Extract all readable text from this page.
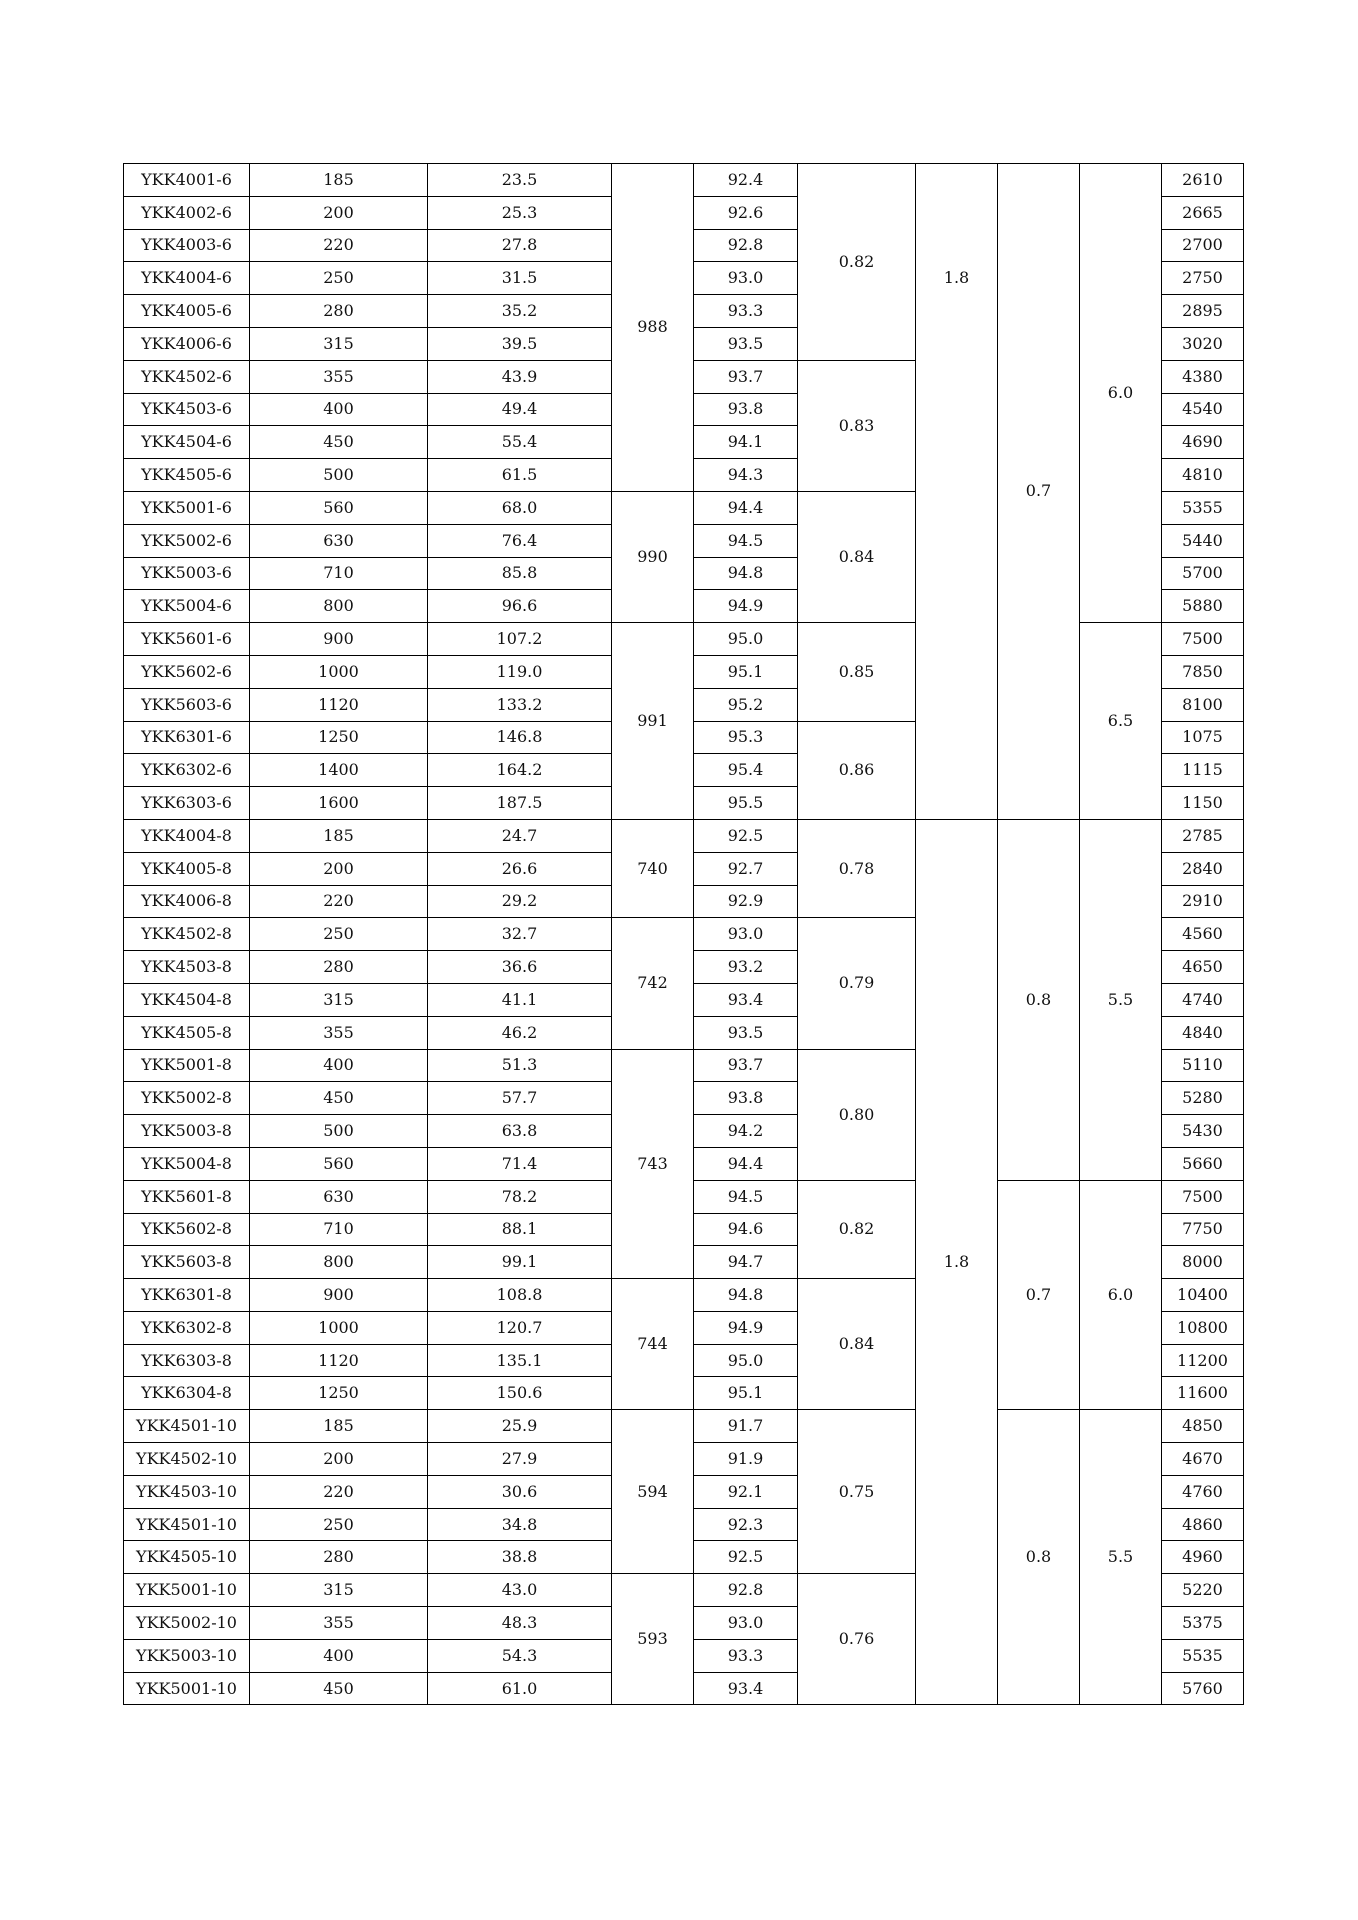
YKK4001-6	185	23.5	988	92.4	0.82	1.8	0.7	6.0	2610
YKK4002-6	200	25.3		92.6					2665
YKK4003-6	220	27.8		92.8					2700
YKK4004-6	250	31.5		93.0					2750
YKK4005-6	280	35.2		93.3					2895
YKK4006-6	315	39.5		93.5					3020
YKK4502-6	355	43.9		93.7	0.83				4380
YKK4503-6	400	49.4		93.8					4540
YKK4504-6	450	55.4		94.1					4690
YKK4505-6	500	61.5		94.3					4810
YKK5001-6	560	68.0	990	94.4	0.84				5355
YKK5002-6	630	76.4		94.5					5440
YKK5003-6	710	85.8		94.8					5700
YKK5004-6	800	96.6		94.9					5880
YKK5601-6	900	107.2	991	95.0	0.85			6.5	7500
YKK5602-6	1000	119.0		95.1					7850
YKK5603-6	1120	133.2		95.2					8100
YKK6301-6	1250	146.8		95.3	0.86				1075
YKK6302-6	1400	164.2		95.4					1115
YKK6303-6	1600	187.5		95.5					1150
YKK4004-8	185	24.7	740	92.5	0.78	1.8	0.8	5.5	2785
YKK4005-8	200	26.6		92.7					2840
YKK4006-8	220	29.2		92.9					2910
YKK4502-8	250	32.7	742	93.0	0.79				4560
YKK4503-8	280	36.6		93.2					4650
YKK4504-8	315	41.1		93.4					4740
YKK4505-8	355	46.2		93.5					4840
YKK5001-8	400	51.3	743	93.7	0.80				5110
YKK5002-8	450	57.7		93.8					5280
YKK5003-8	500	63.8		94.2					5430
YKK5004-8	560	71.4		94.4					5660
YKK5601-8	630	78.2		94.5	0.82		0.7	6.0	7500
YKK5602-8	710	88.1		94.6					7750
YKK5603-8	800	99.1		94.7					8000
YKK6301-8	900	108.8	744	94.8	0.84				10400
YKK6302-8	1000	120.7		94.9					10800
YKK6303-8	1120	135.1		95.0					11200
YKK6304-8	1250	150.6		95.1					11600
YKK4501-10	185	25.9	594	91.7	0.75		0.8	5.5	4850
YKK4502-10	200	27.9		91.9					4670
YKK4503-10	220	30.6		92.1					4760
YKK4501-10	250	34.8		92.3					4860
YKK4505-10	280	38.8		92.5					4960
YKK5001-10	315	43.0	593	92.8	0.76				5220
YKK5002-10	355	48.3		93.0					5375
YKK5003-10	400	54.3		93.3					5535
YKK5001-10	450	61.0		93.4					5760
